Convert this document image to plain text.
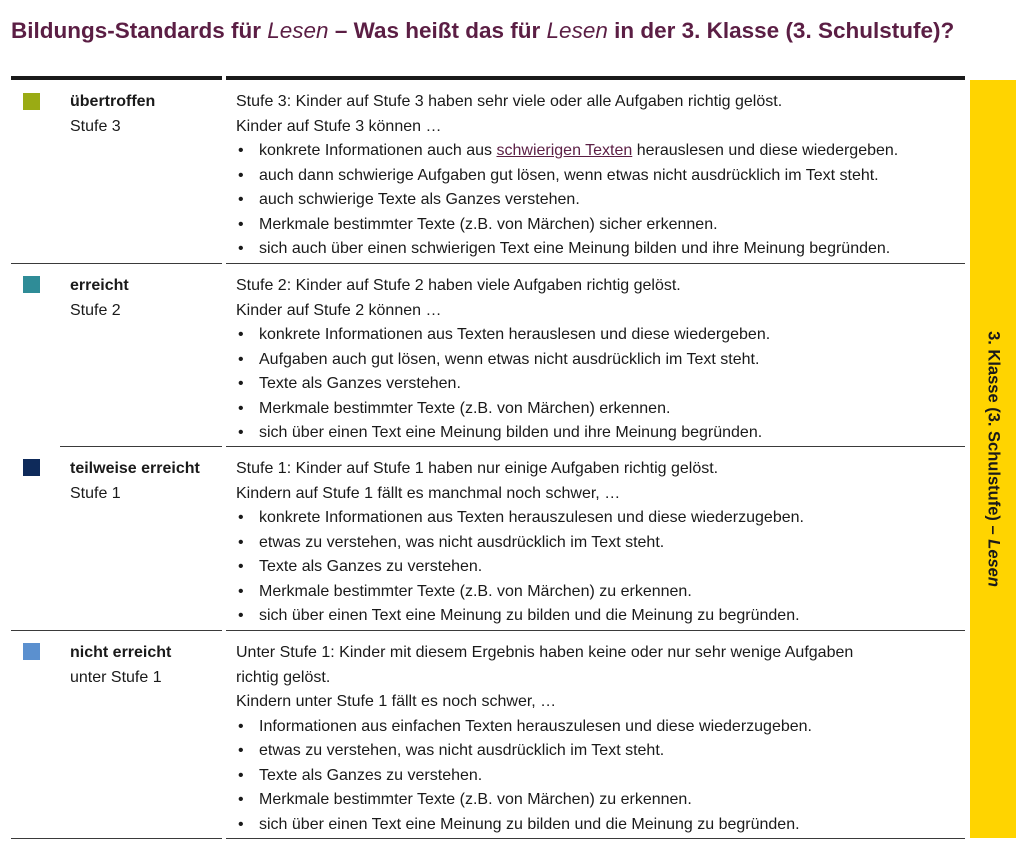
Bildungs-Standards für Lesen – Was heißt das für Lesen in der 3. Klasse (3. Schulstufe)?
3. Klasse (3. Schulstufe) – Lesen
übertroffen
Stufe 3
Stufe 3: Kinder auf Stufe 3 haben sehr viele oder alle Aufgaben richtig gelöst.
Kinder auf Stufe 3 können …
• konkrete Informationen auch aus schwierigen Texten herauslesen und diese wiedergeben.
• auch dann schwierige Aufgaben gut lösen, wenn etwas nicht ausdrücklich im Text steht.
• auch schwierige Texte als Ganzes verstehen.
• Merkmale bestimmter Texte (z.B. von Märchen) sicher erkennen.
• sich auch über einen schwierigen Text eine Meinung bilden und ihre Meinung begründen.
erreicht
Stufe 2
Stufe 2: Kinder auf Stufe 2 haben viele Aufgaben richtig gelöst.
Kinder auf Stufe 2 können …
• konkrete Informationen aus Texten herauslesen und diese wiedergeben.
• Aufgaben auch gut lösen, wenn etwas nicht ausdrücklich im Text steht.
• Texte als Ganzes verstehen.
• Merkmale bestimmter Texte (z.B. von Märchen) erkennen.
• sich über einen Text eine Meinung bilden und ihre Meinung begründen.
teilweise erreicht
Stufe 1
Stufe 1: Kinder auf Stufe 1 haben nur einige Aufgaben richtig gelöst.
Kindern auf Stufe 1 fällt es manchmal noch schwer, …
• konkrete Informationen aus Texten herauszulesen und diese wiederzugeben.
• etwas zu verstehen, was nicht ausdrücklich im Text steht.
• Texte als Ganzes zu verstehen.
• Merkmale bestimmter Texte (z.B. von Märchen) zu erkennen.
• sich über einen Text eine Meinung zu bilden und die Meinung zu begründen.
nicht erreicht
unter Stufe 1
Unter Stufe 1: Kinder mit diesem Ergebnis haben keine oder nur sehr wenige Aufgaben
richtig gelöst.
Kindern unter Stufe 1 fällt es noch schwer, …
• Informationen aus einfachen Texten herauszulesen und diese wiederzugeben.
• etwas zu verstehen, was nicht ausdrücklich im Text steht.
• Texte als Ganzes zu verstehen.
• Merkmale bestimmter Texte (z.B. von Märchen) zu erkennen.
• sich über einen Text eine Meinung zu bilden und die Meinung zu begründen.
